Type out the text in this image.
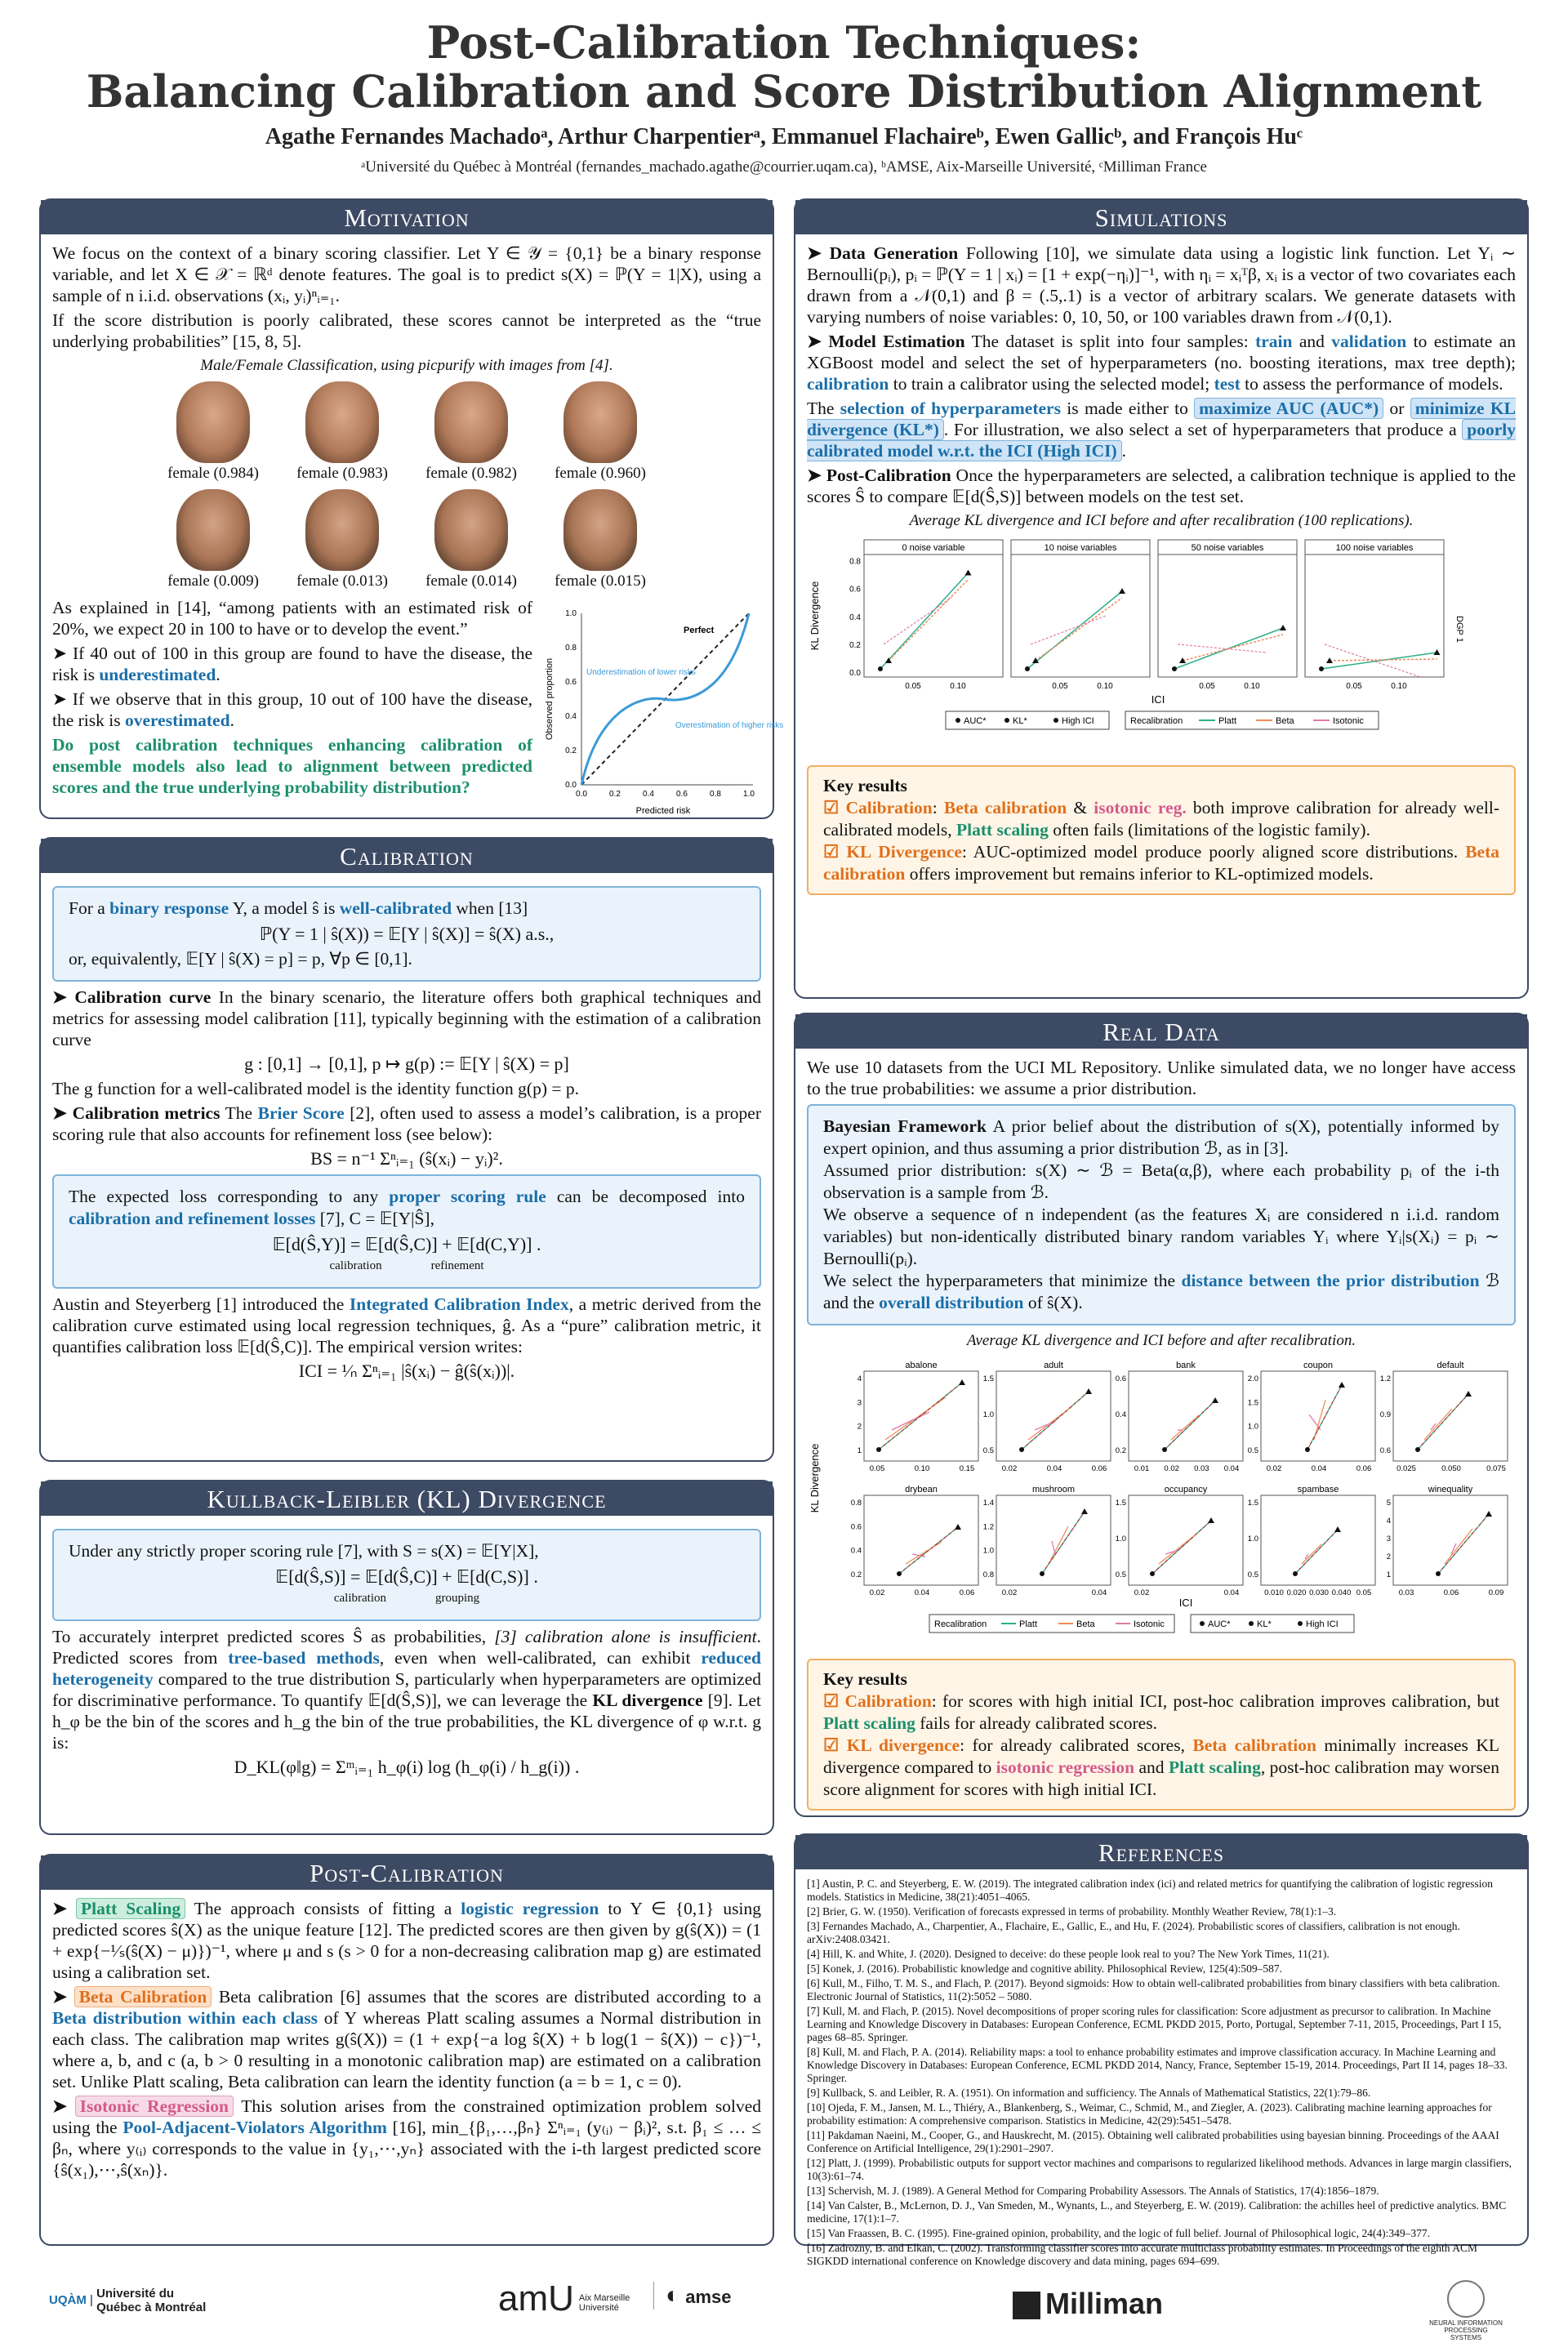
Post-Calibration Techniques:
Balancing Calibration and Score Distribution Alignment
Agathe Fernandes Machadoᵃ, Arthur Charpentierᵃ, Emmanuel Flachaireᵇ, Ewen Gallicᵇ, and François Huᶜ
ᵃUniversité du Québec à Montréal (fernandes_machado.agathe@courrier.uqam.ca), ᵇAMSE, Aix-Marseille Université, ᶜMilliman France
Motivation

We focus on the context of a binary scoring classifier. Let Y ∈ 𝒴 = {0,1} be a binary response variable, and let X ∈ 𝒳 = ℝᵈ denote features. The goal is to predict s(X) = ℙ(Y = 1|X), using a sample of n i.i.d. observations (xᵢ, yᵢ)ⁿᵢ₌₁.

If the score distribution is poorly calibrated, these scores cannot be interpreted as the “true underlying probabilities” [15, 8, 5].

Male/Female Classification, using picpurify with images from [4].
female (0.984)	female (0.983)	female (0.982)	female (0.960)
female (0.009)	female (0.013)	female (0.014)	female (0.015)

As explained in [14], “among patients with an estimated risk of 20%, we expect 20 in 100 to have or to develop the event.”

➤ If 40 out of 100 in this group are found to have the disease, the risk is underestimated.

➤ If we observe that in this group, 10 out of 100 have the disease, the risk is overestimated.

Do post calibration techniques enhancing calibration of ensemble models also lead to alignment between predicted scores and the true underlying probability distribution?

Perfect
Underestimation of lower risks
Overestimation of higher risks
Predicted risk
Observed proportion
0.0	0.2	0.4	0.6	0.8	1.0
0.0
0.2
0.4
0.6
0.8
1.0
Calibration
For a binary response Y, a model ŝ is well-calibrated when [13]
ℙ(Y = 1 | ŝ(X)) = 𝔼[Y | ŝ(X)] = ŝ(X) a.s.,
or, equivalently, 𝔼[Y | ŝ(X) = p] = p, ∀p ∈ [0,1].

➤ Calibration curve In the binary scenario, the literature offers both graphical techniques and metrics for assessing model calibration [11], typically beginning with the estimation of a calibration curve

g : [0,1] → [0,1], p ↦ g(p) := 𝔼[Y | ŝ(X) = p]

The g function for a well-calibrated model is the identity function g(p) = p.

➤ Calibration metrics The Brier Score [2], often used to assess a model’s calibration, is a proper scoring rule that also accounts for refinement loss (see below):

BS = n⁻¹ Σⁿᵢ₌₁ (ŝ(xᵢ) − yᵢ)².
The expected loss corresponding to any proper scoring rule can be decomposed into calibration and refinement losses [7], C = 𝔼[Y|Ŝ],
𝔼[d(Ŝ,Y)] = 𝔼[d(Ŝ,C)] + 𝔼[d(C,Y)] .
calibration	refinement

Austin and Steyerberg [1] introduced the Integrated Calibration Index, a metric derived from the calibration curve estimated using local regression techniques, ĝ. As a “pure” calibration metric, it quantifies calibration loss 𝔼[d(Ŝ,C)]. The empirical version writes:

ICI = ¹⁄ₙ Σⁿᵢ₌₁ |ŝ(xᵢ) − ĝ(ŝ(xᵢ))|.
Kullback-Leibler (KL) Divergence
Under any strictly proper scoring rule [7], with S = s(X) = 𝔼[Y|X],
𝔼[d(Ŝ,S)] = 𝔼[d(Ŝ,C)] + 𝔼[d(C,S)] .
calibration	grouping

To accurately interpret predicted scores Ŝ as probabilities, [3] calibration alone is insufficient. Predicted scores from tree-based methods, even when well-calibrated, can exhibit reduced heterogeneity compared to the true distribution S, particularly when hyperparameters are optimized for discriminative performance. To quantify 𝔼[d(Ŝ,S)], we can leverage the KL divergence [9]. Let h_φ be the bin of the scores and h_g the bin of the true probabilities, the KL divergence of φ w.r.t. g is:

D_KL(φ‖g) = Σᵐᵢ₌₁ h_φ(i) log (h_φ(i) / h_g(i)) .
Post-Calibration

➤ Platt Scaling The approach consists of fitting a logistic regression to Y ∈ {0,1} using predicted scores ŝ(X) as the unique feature [12]. The predicted scores are then given by g(ŝ(X)) = (1 + exp{−¹⁄ₛ(ŝ(X) − μ)})⁻¹, where μ and s (s > 0 for a non-decreasing calibration map g) are estimated using a calibration set.

➤ Beta Calibration Beta calibration [6] assumes that the scores are distributed according to a Beta distribution within each class of Y whereas Platt scaling assumes a Normal distribution in each class. The calibration map writes g(ŝ(X)) = (1 + exp{−a log ŝ(X) + b log(1 − ŝ(X)) − c})⁻¹, where a, b, and c (a, b > 0 resulting in a monotonic calibration map) are estimated on a calibration set. Unlike Platt scaling, Beta calibration can learn the identity function (a = b = 1, c = 0).

➤ Isotonic Regression This solution arises from the constrained optimization problem solved using the Pool-Adjacent-Violators Algorithm [16], min_{β₁,…,βₙ} Σⁿᵢ₌₁ (y₍ᵢ₎ − βᵢ)², s.t. β₁ ≤ … ≤ βₙ, where y₍ᵢ₎ corresponds to the value in {y₁,⋯,yₙ} associated with the i-th largest predicted score {ŝ(x₁),⋯,ŝ(xₙ)}.

Simulations

➤ Data Generation Following [10], we simulate data using a logistic link function. Let Yᵢ ∼ Bernoulli(pᵢ), pᵢ = ℙ(Y = 1 | xᵢ) = [1 + exp(−ηᵢ)]⁻¹, with ηᵢ = xᵢᵀβ, xᵢ is a vector of two covariates each drawn from a 𝒩(0,1) and β = (.5,.1) is a vector of arbitrary scalars. We generate datasets with varying numbers of noise variables: 0, 10, 50, or 100 variables drawn from 𝒩(0,1).

➤ Model Estimation The dataset is split into four samples: train and validation to estimate an XGBoost model and select the set of hyperparameters (no. boosting iterations, max tree depth); calibration to train a calibrator using the selected model; test to assess the performance of models.

The selection of hyperparameters is made either to maximize AUC (AUC*) or minimize KL divergence (KL*) . For illustration, we also select a set of hyperparameters that produce a poorly calibrated model w.r.t. the ICI (High ICI) .

➤ Post-Calibration Once the hyperparameters are selected, a calibration technique is applied to the scores Ŝ to compare 𝔼[d(Ŝ,S)] between models on the test set.

Average KL divergence and ICI before and after recalibration (100 replications).
KL Divergence
0 noise variable
0.05	0.10
0.0
0.2
0.4
0.6
0.8
10 noise variables
0.05	0.10
50 noise variables
0.05	0.10
100 noise variables
0.05	0.10
DGP 1
ICI
AUC*	KL*	High ICI	Recalibration	Platt	Beta	Isotonic
Key results
☑ Calibration: Beta calibration & isotonic reg. both improve calibration for already well-calibrated models, Platt scaling often fails (limitations of the logistic family).
☑ KL Divergence: AUC-optimized model produce poorly aligned score distributions. Beta calibration offers improvement but remains inferior to KL-optimized models.
Real Data

We use 10 datasets from the UCI ML Repository. Unlike simulated data, we no longer have access to the true probabilities: we assume a prior distribution.

Bayesian Framework A prior belief about the distribution of s(X), potentially informed by expert opinion, and thus assuming a prior distribution ℬ, as in [3].
Assumed prior distribution: s(X) ∼ ℬ = Beta(α,β), where each probability pᵢ of the i-th observation is a sample from ℬ.
We observe a sequence of n independent (as the features Xᵢ are considered n i.i.d. random variables) but non-identically distributed binary random variables Yᵢ where Yᵢ|s(Xᵢ) = pᵢ ∼ Bernoulli(pᵢ).
We select the hyperparameters that minimize the distance between the prior distribution ℬ and the overall distribution of ŝ(X).
Average KL divergence and ICI before and after recalibration.
KL Divergence
abalone
0.05	0.10	0.15
1
2
3
4
adult
0.02	0.04	0.06
0.5
1.0
1.5
bank
0.01 0.02 0.03 0.04
0.2
0.4
0.6
coupon
0.02	0.04	0.06
0.5
1.0
1.5
2.0
default
0.025	0.050	0.075
0.6
0.9
1.2
drybean
0.02	0.04	0.06
0.2
0.4
0.6
0.8
mushroom
0.02	0.04
0.8
1.0
1.2
1.4
occupancy
0.02	0.04
0.5
1.0
1.5
spambase
0.010 0.020 0.030 0.040 0.05
0.5
1.0
1.5
winequality
0.03	0.06	0.09
1
2
3
4
5
ICI
Recalibration	Platt	Beta	Isotonic	AUC*	KL*	High ICI
Key results
☑ Calibration: for scores with high initial ICI, post-hoc calibration improves calibration, but Platt scaling fails for already calibrated scores.
☑ KL divergence: for already calibrated scores, Beta calibration minimally increases KL divergence compared to isotonic regression and Platt scaling, post-hoc calibration may worsen score alignment for scores with high initial ICI.
References
[1] Austin, P. C. and Steyerberg, E. W. (2019). The integrated calibration index (ici) and related metrics for quantifying the calibration of logistic regression models. Statistics in Medicine, 38(21):4051–4065.
[2] Brier, G. W. (1950). Verification of forecasts expressed in terms of probability. Monthly Weather Review, 78(1):1–3.
[3] Fernandes Machado, A., Charpentier, A., Flachaire, E., Gallic, E., and Hu, F. (2024). Probabilistic scores of classifiers, calibration is not enough. arXiv:2408.03421.
[4] Hill, K. and White, J. (2020). Designed to deceive: do these people look real to you? The New York Times, 11(21).
[5] Konek, J. (2016). Probabilistic knowledge and cognitive ability. Philosophical Review, 125(4):509–587.
[6] Kull, M., Filho, T. M. S., and Flach, P. (2017). Beyond sigmoids: How to obtain well-calibrated probabilities from binary classifiers with beta calibration. Electronic Journal of Statistics, 11(2):5052 – 5080.
[7] Kull, M. and Flach, P. (2015). Novel decompositions of proper scoring rules for classification: Score adjustment as precursor to calibration. In Machine Learning and Knowledge Discovery in Databases: European Conference, ECML PKDD 2015, Porto, Portugal, September 7-11, 2015, Proceedings, Part I 15, pages 68–85. Springer.
[8] Kull, M. and Flach, P. A. (2014). Reliability maps: a tool to enhance probability estimates and improve classification accuracy. In Machine Learning and Knowledge Discovery in Databases: European Conference, ECML PKDD 2014, Nancy, France, September 15-19, 2014. Proceedings, Part II 14, pages 18–33. Springer.
[9] Kullback, S. and Leibler, R. A. (1951). On information and sufficiency. The Annals of Mathematical Statistics, 22(1):79–86.
[10] Ojeda, F. M., Jansen, M. L., Thiéry, A., Blankenberg, S., Weimar, C., Schmid, M., and Ziegler, A. (2023). Calibrating machine learning approaches for probability estimation: A comprehensive comparison. Statistics in Medicine, 42(29):5451–5478.
[11] Pakdaman Naeini, M., Cooper, G., and Hauskrecht, M. (2015). Obtaining well calibrated probabilities using bayesian binning. Proceedings of the AAAI Conference on Artificial Intelligence, 29(1):2901–2907.
[12] Platt, J. (1999). Probabilistic outputs for support vector machines and comparisons to regularized likelihood methods. Advances in large margin classifiers, 10(3):61–74.
[13] Schervish, M. J. (1989). A General Method for Comparing Probability Assessors. The Annals of Statistics, 17(4):1856–1879.
[14] Van Calster, B., McLernon, D. J., Van Smeden, M., Wynants, L., and Steyerberg, E. W. (2019). Calibration: the achilles heel of predictive analytics. BMC medicine, 17(1):1–7.
[15] Van Fraassen, B. C. (1995). Fine-grained opinion, probability, and the logic of full belief. Journal of Philosophical logic, 24(4):349–377.
[16] Zadrozny, B. and Elkan, C. (2002). Transforming classifier scores into accurate multiclass probability estimates. In Proceedings of the eighth ACM SIGKDD international conference on Knowledge discovery and data mining, pages 694–699.
UQÀM | Université du Québec à Montréal	amU Aix Marseille Université	◐ amse	Milliman
NEURAL INFORMATION PROCESSING SYSTEMS
